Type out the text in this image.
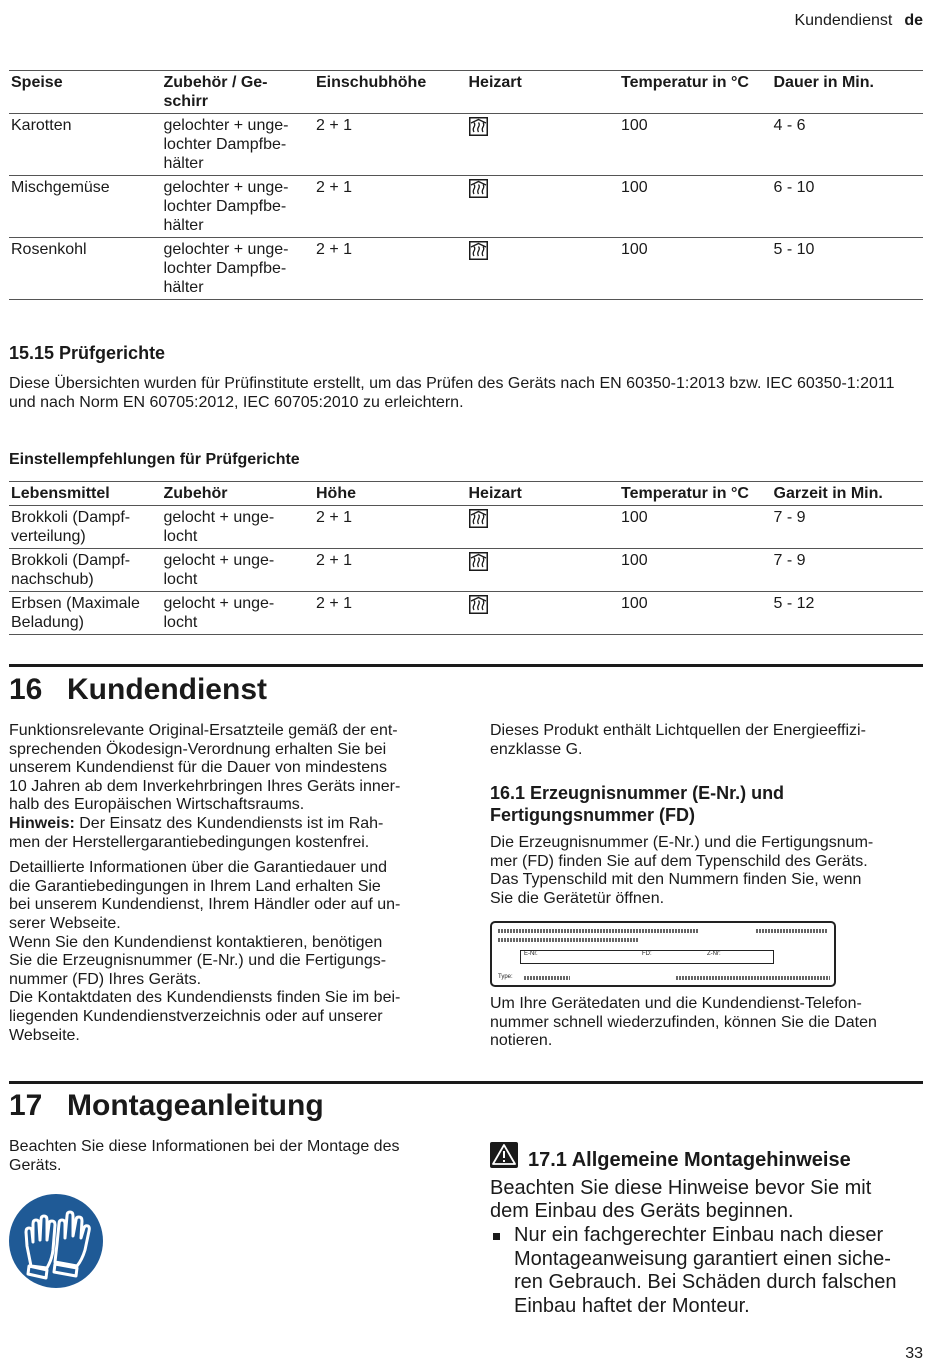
Kundendienst de
Speise	Zubehör / Ge-
schirr	Einschubhöhe	Heizart	Temperatur in °C	Dauer in Min.
Karotten	gelochter + unge-
lochter Dampfbe-
hälter	2 + 1		100	4 - 6
Mischgemüse	gelochter + unge-
lochter Dampfbe-
hälter	2 + 1		100	6 - 10
Rosenkohl	gelochter + unge-
lochter Dampfbe-
hälter	2 + 1		100	5 - 10
15.15 Prüfgerichte
Diese Übersichten wurden für Prüfinstitute erstellt, um das Prüfen des Geräts nach EN 60350-1:2013 bzw. IEC 60350-1:2011 und nach Norm EN 60705:2012, IEC 60705:2010 zu erleichtern.
Einstellempfehlungen für Prüfgerichte
Lebensmittel	Zubehör	Höhe	Heizart	Temperatur in °C	Garzeit in Min.
Brokkoli (Dampf-
verteilung)	gelocht + unge-
locht	2 + 1		100	7 - 9
Brokkoli (Dampf-
nachschub)	gelocht + unge-
locht	2 + 1		100	7 - 9
Erbsen (Maximale
Beladung)	gelocht + unge-
locht	2 + 1		100	5 - 12
16 Kundendienst

Funktionsrelevante Original-Ersatzteile gemäß der ent-
sprechenden Ökodesign-Verordnung erhalten Sie bei
unserem Kundendienst für die Dauer von mindestens
10 Jahren ab dem Inverkehrbringen Ihres Geräts inner-
halb des Europäischen Wirtschaftsraums.

Hinweis: Der Einsatz des Kundendiensts ist im Rah-
men der Herstellergarantiebedingungen kostenfrei.

Detaillierte Informationen über die Garantiedauer und
die Garantiebedingungen in Ihrem Land erhalten Sie
bei unserem Kundendienst, Ihrem Händler oder auf un-
serer Webseite.
Wenn Sie den Kundendienst kontaktieren, benötigen
Sie die Erzeugnisnummer (E-Nr.) und die Fertigungs-
nummer (FD) Ihres Geräts.
Die Kontaktdaten des Kundendiensts finden Sie im bei-
liegenden Kundendienstverzeichnis oder auf unserer
Webseite.

Dieses Produkt enthält Lichtquellen der Energieeffizi-
enzklasse G.

16.1 Erzeugnisnummer (E-Nr.) und
Fertigungsnummer (FD)

Die Erzeugnisnummer (E-Nr.) und die Fertigungsnum-
mer (FD) finden Sie auf dem Typenschild des Geräts.
Das Typenschild mit den Nummern finden Sie, wenn
Sie die Gerätetür öffnen.

E-Nr.	FD:	Z-Nr:
Type:

Um Ihre Gerätedaten und die Kundendienst-Telefon-
nummer schnell wiederzufinden, können Sie die Daten
notieren.

17 Montageanleitung

Beachten Sie diese Informationen bei der Montage des
Geräts.	17.1 Allgemeine Montagehinweise
Beachten Sie diese Hinweise bevor Sie mit
dem Einbau des Geräts beginnen.
Nur ein fachgerechter Einbau nach dieser
Montageanweisung garantiert einen siche-
ren Gebrauch. Bei Schäden durch falschen
Einbau haftet der Monteur.
33
